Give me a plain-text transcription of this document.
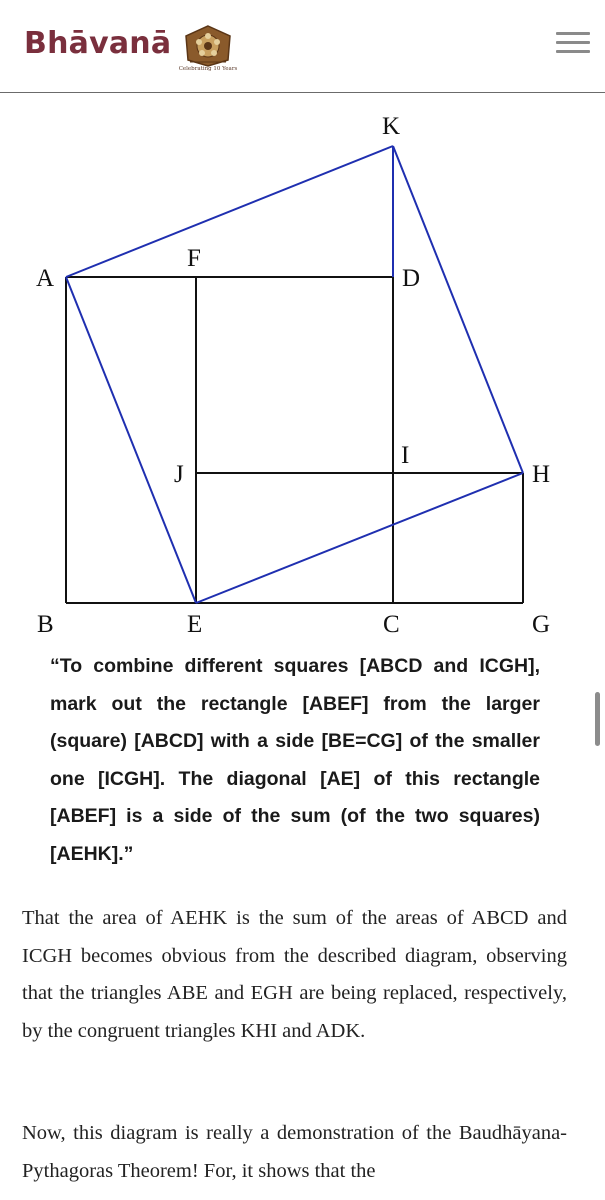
Bhāvanā
Celebrating 10 Years
K
A
F
D
I
J	H
B	E	C	G

“To combine different squares [ABCD and ICGH], mark out the rectangle [ABEF] from the larger (square) [ABCD] with a side [BE=CG] of the smaller one [ICGH]. The diagonal [AE] of this rectangle [ABEF] is a side of the sum (of the two squares) [AEHK].”

That the area of AEHK is the sum of the areas of ABCD and ICGH becomes obvious from the described diagram, observing that the triangles ABE and EGH are being replaced, respectively, by the congruent triangles KHI and ADK.

Now, this diagram is really a demonstration of the Baudhāyana-Pythagoras Theorem! For, it shows that the
